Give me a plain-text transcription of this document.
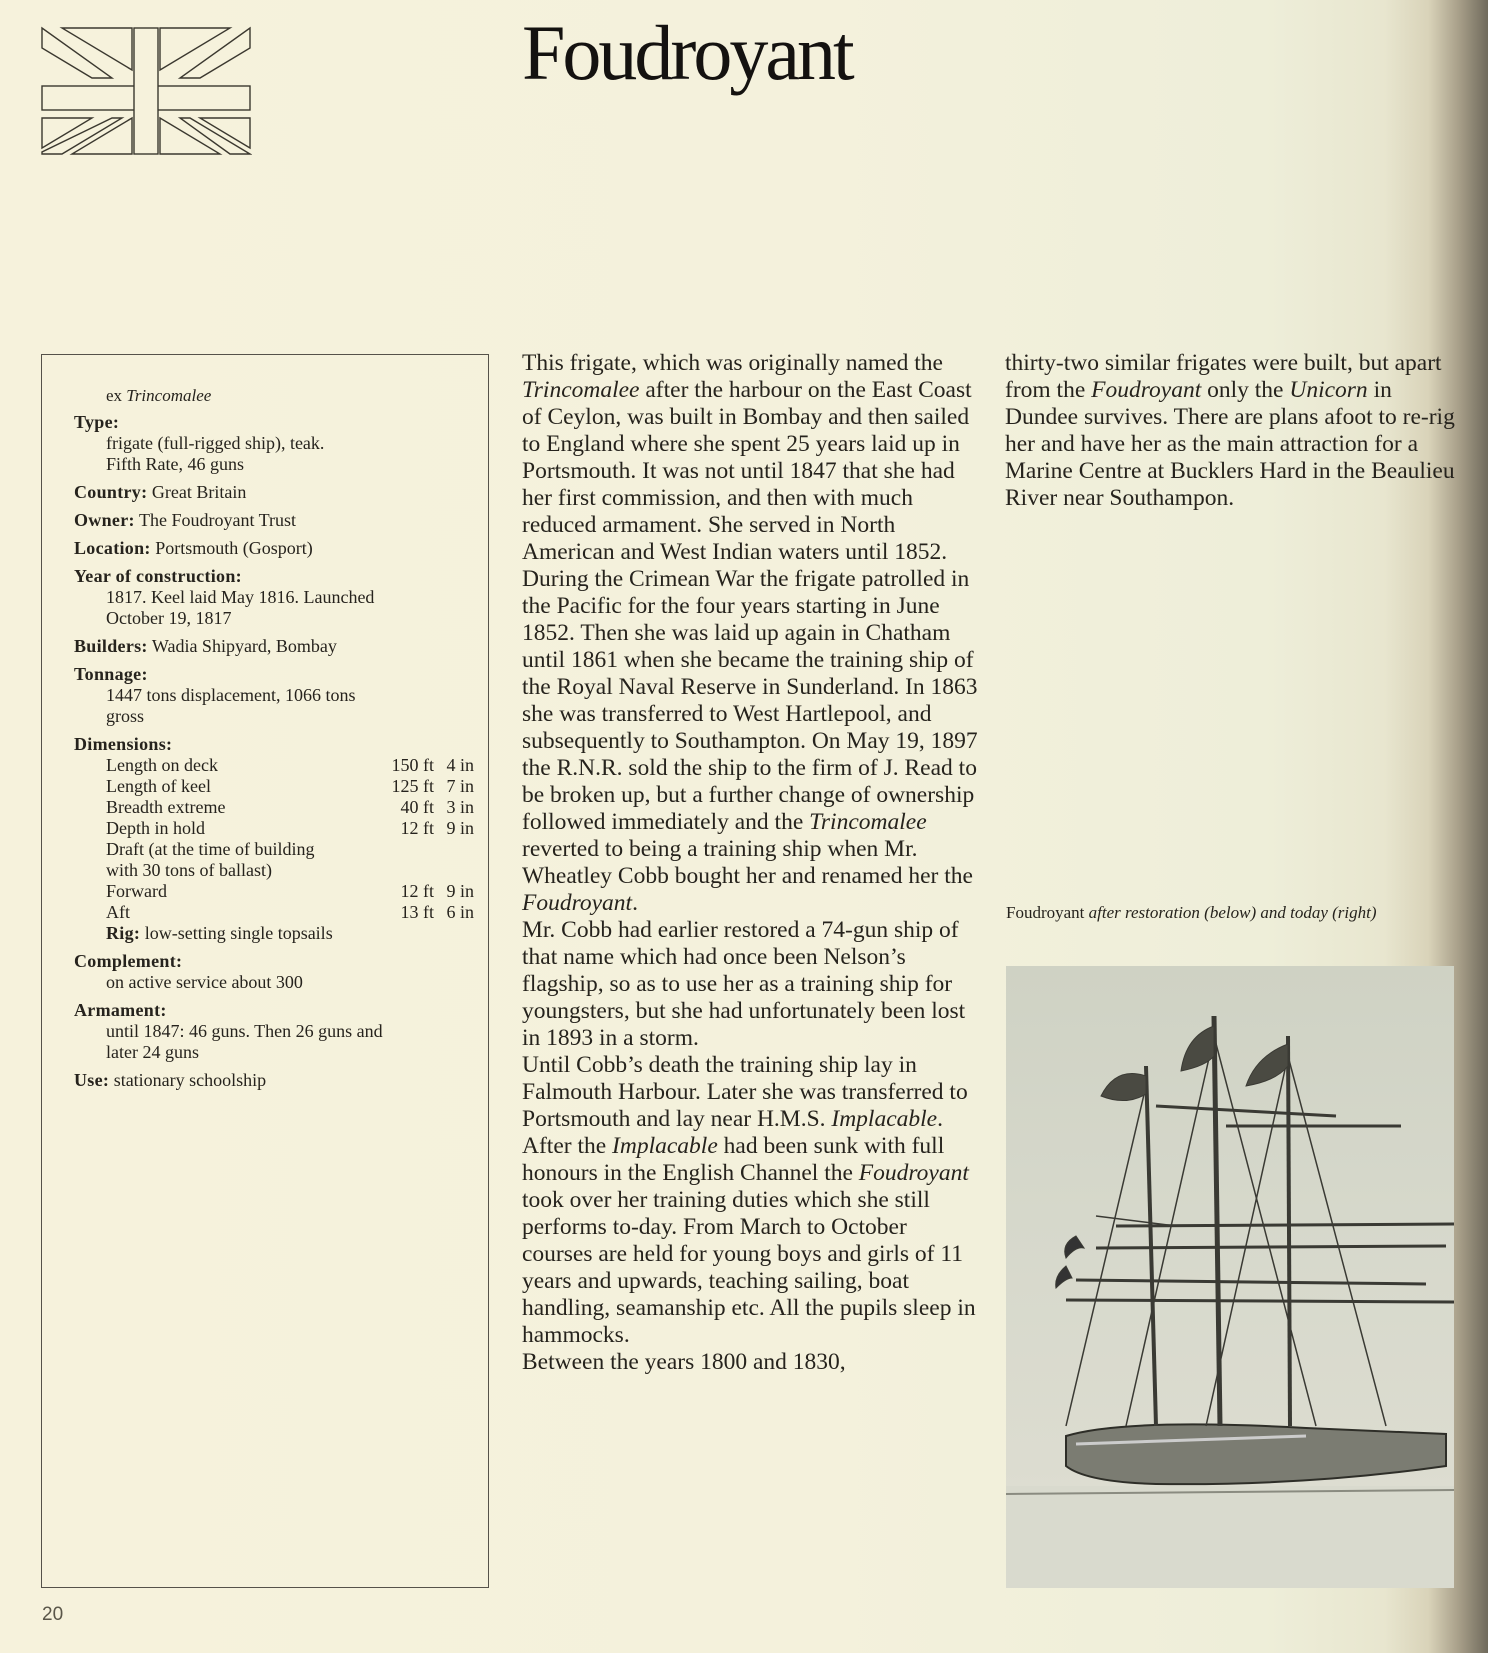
Foudroyant
ex Trincomalee
Type:
frigate (full-rigged ship), teak.
Fifth Rate, 46 guns
Country: Great Britain
Owner: The Foudroyant Trust
Location: Portsmouth (Gosport)
Year of construction:
1817. Keel laid May 1816. Launched
October 19, 1817
Builders: Wadia Shipyard, Bombay
Tonnage:
1447 tons displacement, 1066 tons
gross
Dimensions:
Length on deck	150 ft 4 in
Length of keel	125 ft 7 in
Breadth extreme	40 ft 3 in
Depth in hold	12 ft 9 in
Draft (at the time of building
with 30 tons of ballast)
Forward	12 ft 9 in
Aft	13 ft 6 in
Rig: low-setting single topsails
Complement:
on active service about 300
Armament:
until 1847: 46 guns. Then 26 guns and
later 24 guns
Use: stationary schoolship

This frigate, which was originally named the Trincomalee after the harbour on the East Coast of Ceylon, was built in Bombay and then sailed to England where she spent 25 years laid up in Portsmouth. It was not until 1847 that she had her first commission, and then with much reduced armament. She served in North American and West Indian waters until 1852. During the Crimean War the frigate patrolled in the Pacific for the four years starting in June 1852. Then she was laid up again in Chatham until 1861 when she became the training ship of the Royal Naval Reserve in Sunderland. In 1863 she was transferred to West Hartlepool, and subsequently to Southampton. On May 19, 1897 the R.N.R. sold the ship to the firm of J. Read to be broken up, but a further change of ownership followed immediately and the Trincomalee reverted to being a training ship when Mr. Wheatley Cobb bought her and renamed her the Foudroyant.

Mr. Cobb had earlier restored a 74-gun ship of that name which had once been Nelson’s flagship, so as to use her as a training ship for youngsters, but she had unfortunately been lost in 1893 in a storm.

Until Cobb’s death the training ship lay in Falmouth Harbour. Later she was transferred to Portsmouth and lay near H.M.S. Implacable. After the Implacable had been sunk with full honours in the English Channel the Foudroyant took over her training duties which she still performs to-day. From March to October courses are held for young boys and girls of 11 years and upwards, teaching sailing, boat handling, seamanship etc. All the pupils sleep in hammocks.

Between the years 1800 and 1830,

thirty-two similar frigates were built, but apart from the Foudroyant only the Unicorn in Dundee survives. There are plans afoot to re-rig her and have her as the main attraction for a Marine Centre at Bucklers Hard in the Beaulieu River near Southampon.

Foudroyant after restoration (below) and today (right)
20
